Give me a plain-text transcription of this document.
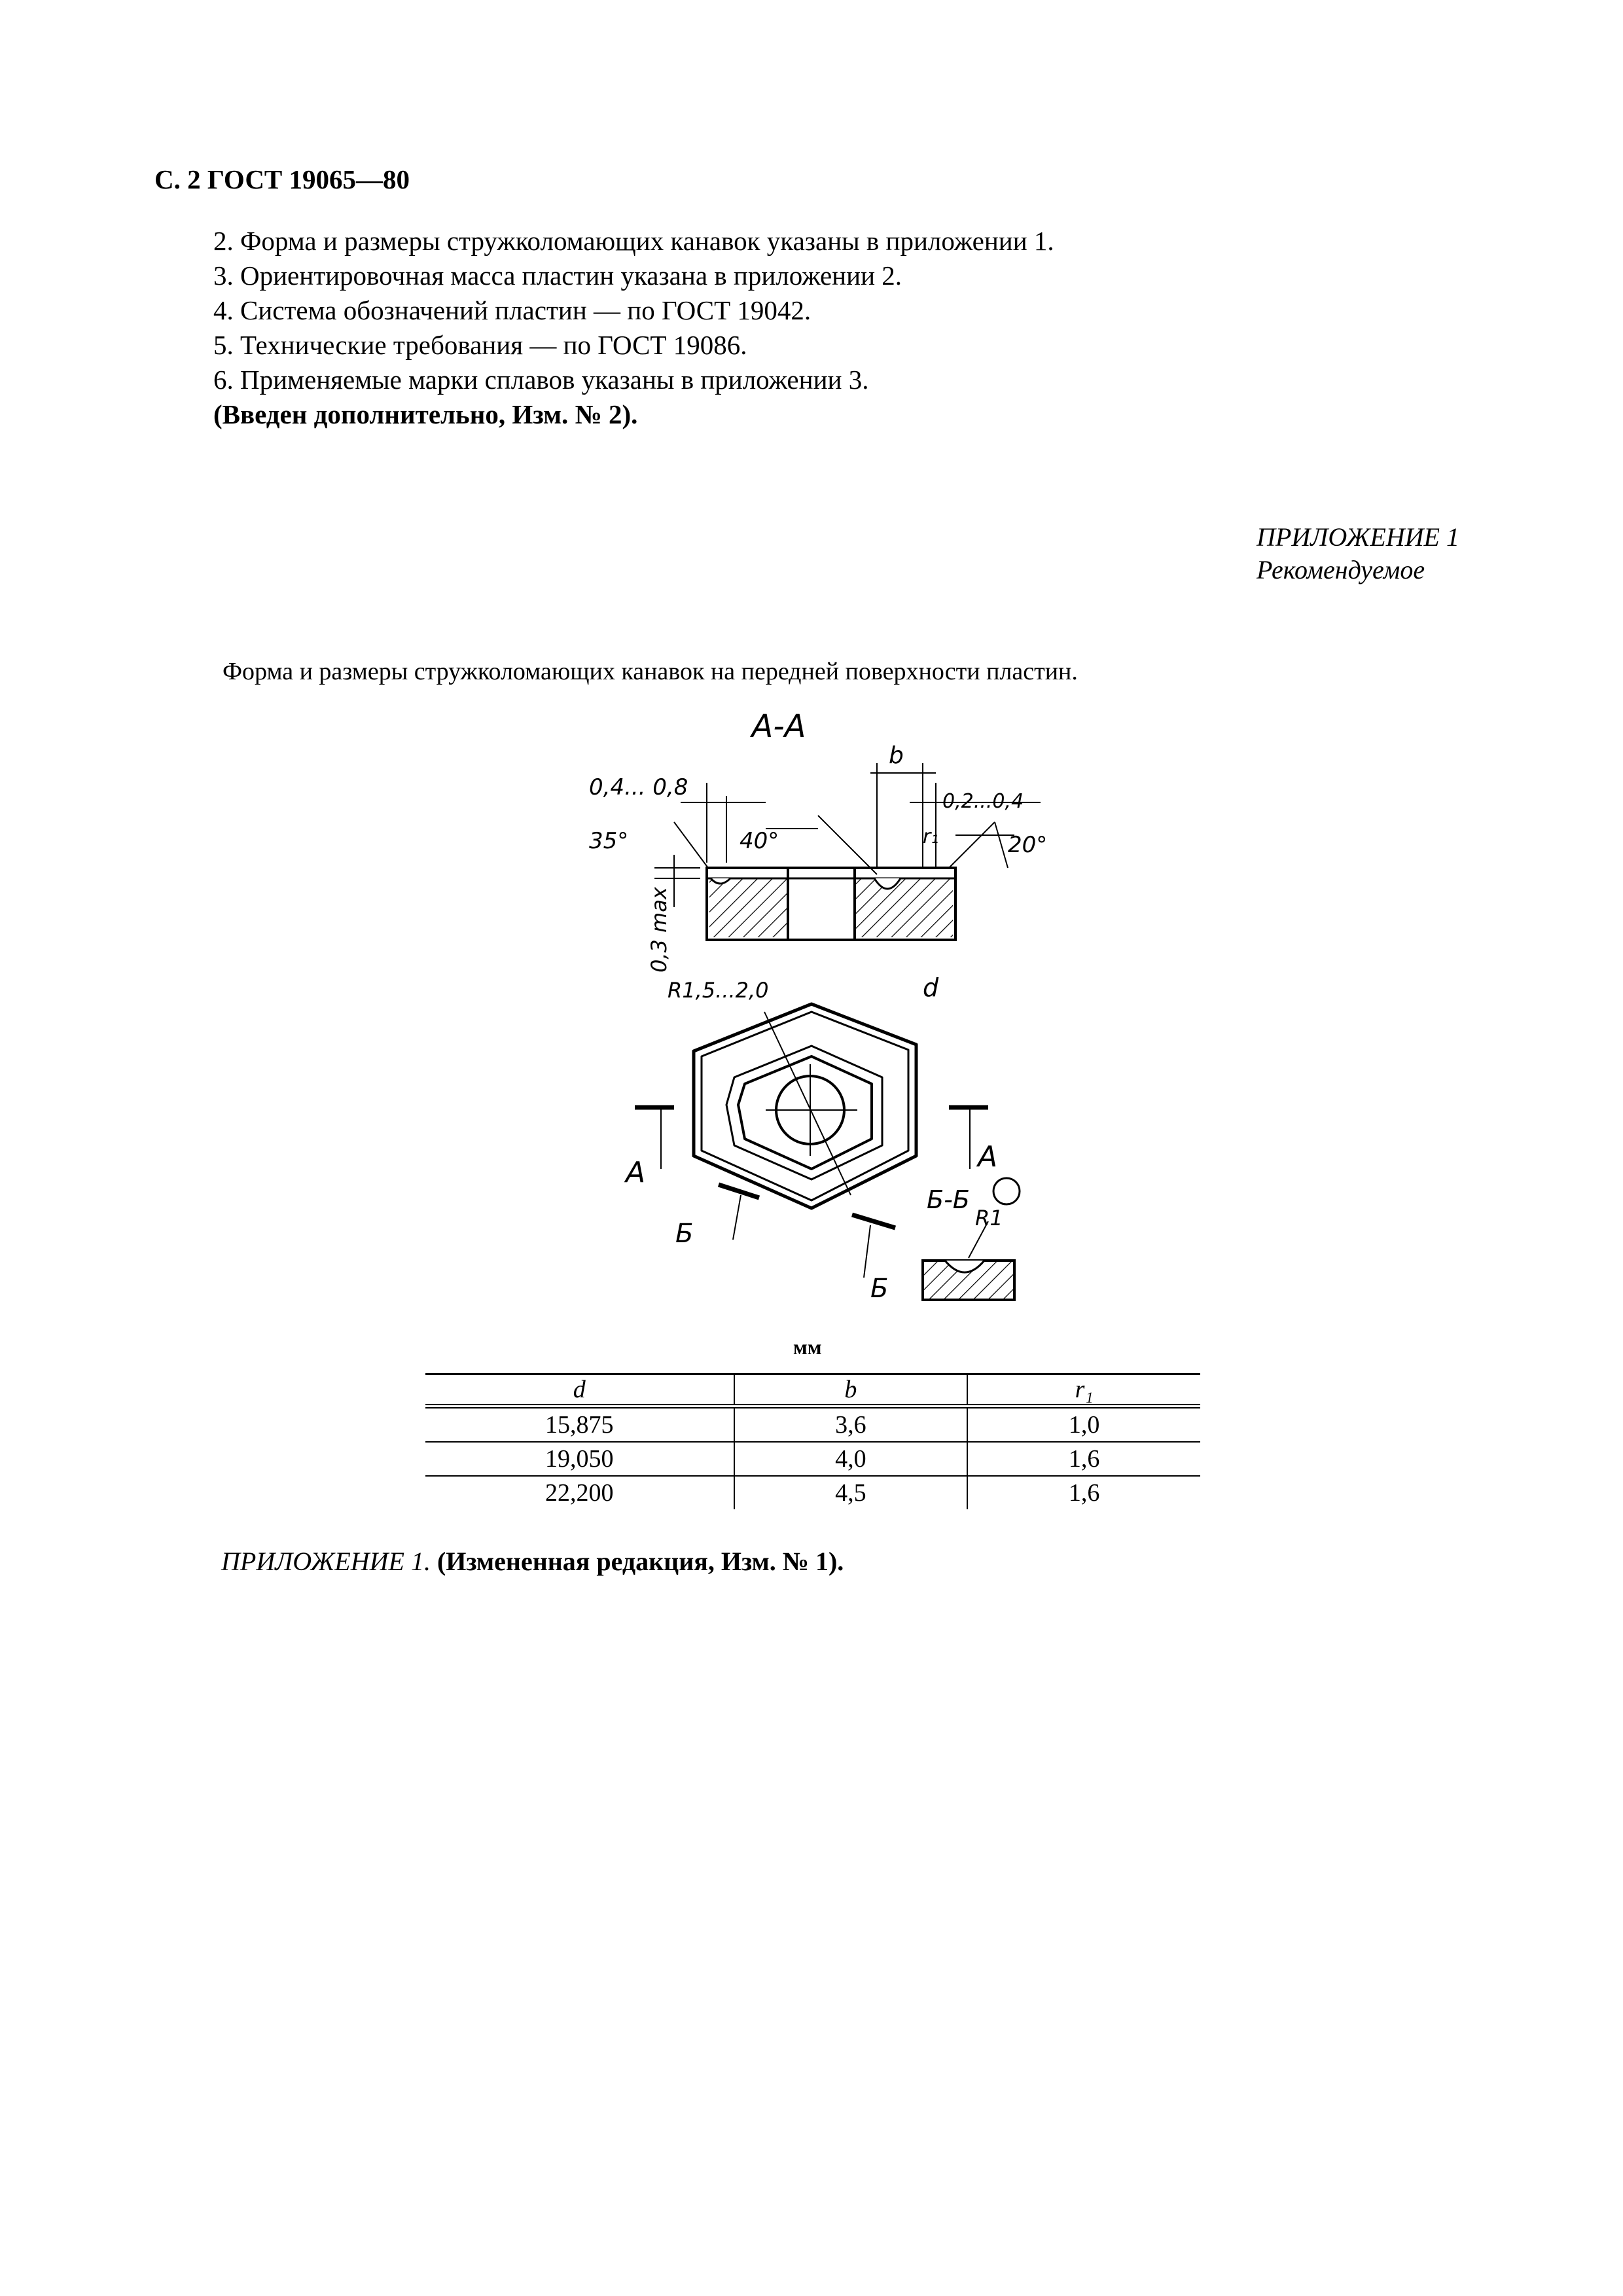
С. 2 ГОСТ 19065—80
2. Форма и размеры стружколомающих канавок указаны в приложении 1.
3. Ориентировочная масса пластин указана в приложении 2.
4. Система обозначений пластин — по ГОСТ 19042.
5. Технические требования — по ГОСТ 19086.
6. Применяемые марки сплавов указаны в приложении 3.
(Введен дополнительно, Изм. № 2).
ПРИЛОЖЕНИЕ 1
Рекомендуемое
Форма и размеры стружколомающих канавок на передней поверхности пластин.
А-А
0,4... 0,8
b
0,2...0,4
35°	40°	20°
r₁
0,3 max
R1,5...2,0	d
А	А
Б
Б
Б-Б
R1
мм
d	b	r₁
15,875	3,6	1,0
19,050	4,0	1,6
22,200	4,5	1,6
ПРИЛОЖЕНИЕ 1. (Измененная редакция, Изм. № 1).
